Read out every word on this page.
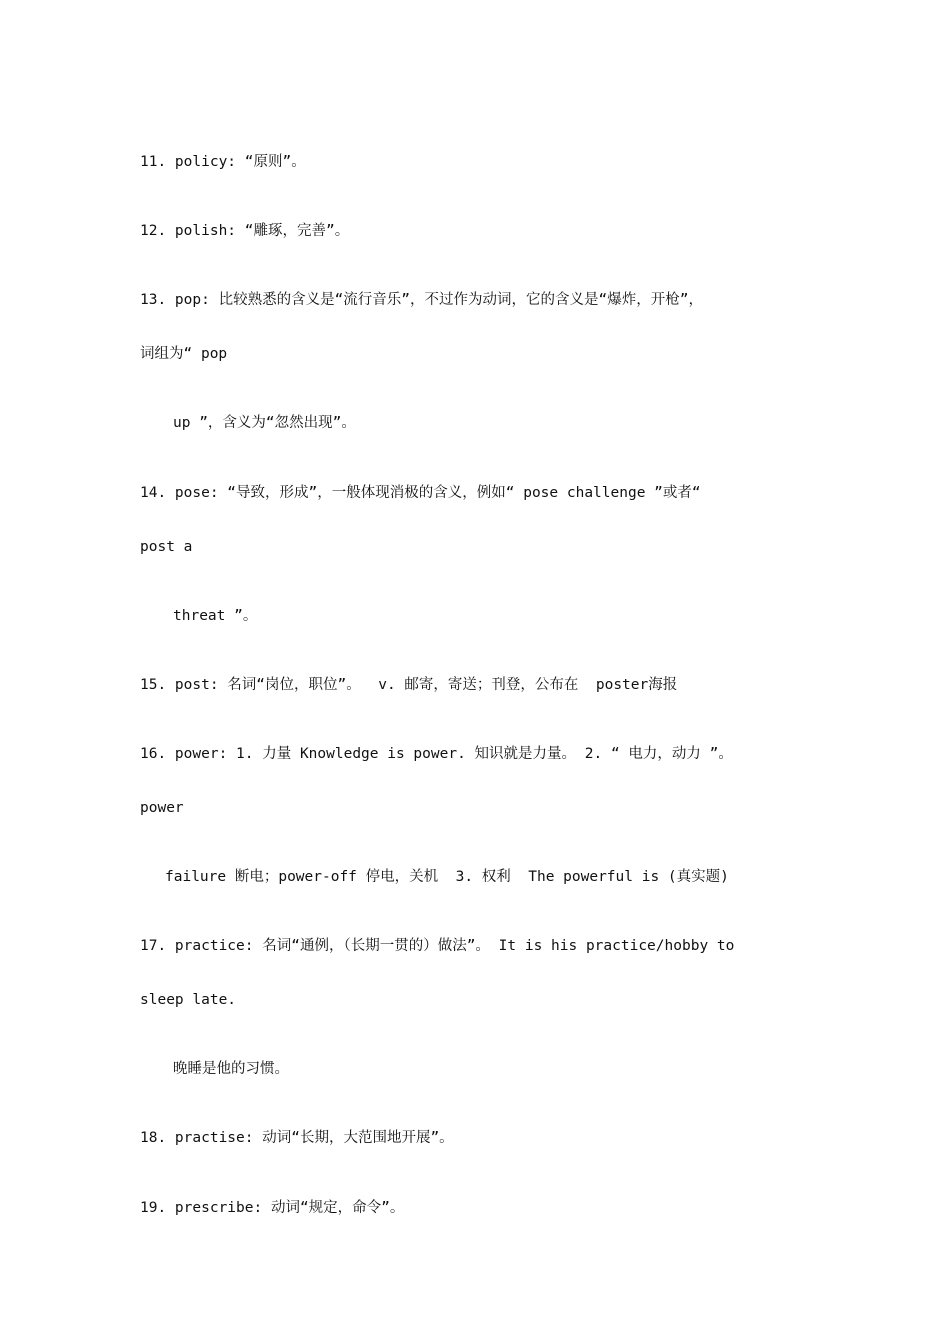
11. policy: “原则”。
12. polish: “雕琢，完善”。
13. pop: 比较熟悉的含义是“流行音乐”，不过作为动词，它的含义是“爆炸，开枪”，
词组为“ pop
up ”，含义为“忽然出现”。
14. pose: “导致，形成”，一般体现消极的含义，例如“ pose challenge ”或者“
post a
threat ”。
15. post: 名词“岗位，职位”。  v. 邮寄，寄送；刊登，公布在  poster海报
16. power: 1. 力量 Knowledge is power. 知识就是力量。 2. “ 电力，动力 ”。
power
failure 断电；power-off 停电，关机  3. 权利  The powerful is (真实题)
17. practice: 名词“通例，（长期一贯的）做法”。 It is his practice/hobby to
sleep late.
晚睡是他的习惯。
18. practise: 动词“长期，大范围地开展”。
19. prescribe: 动词“规定，命令”。
